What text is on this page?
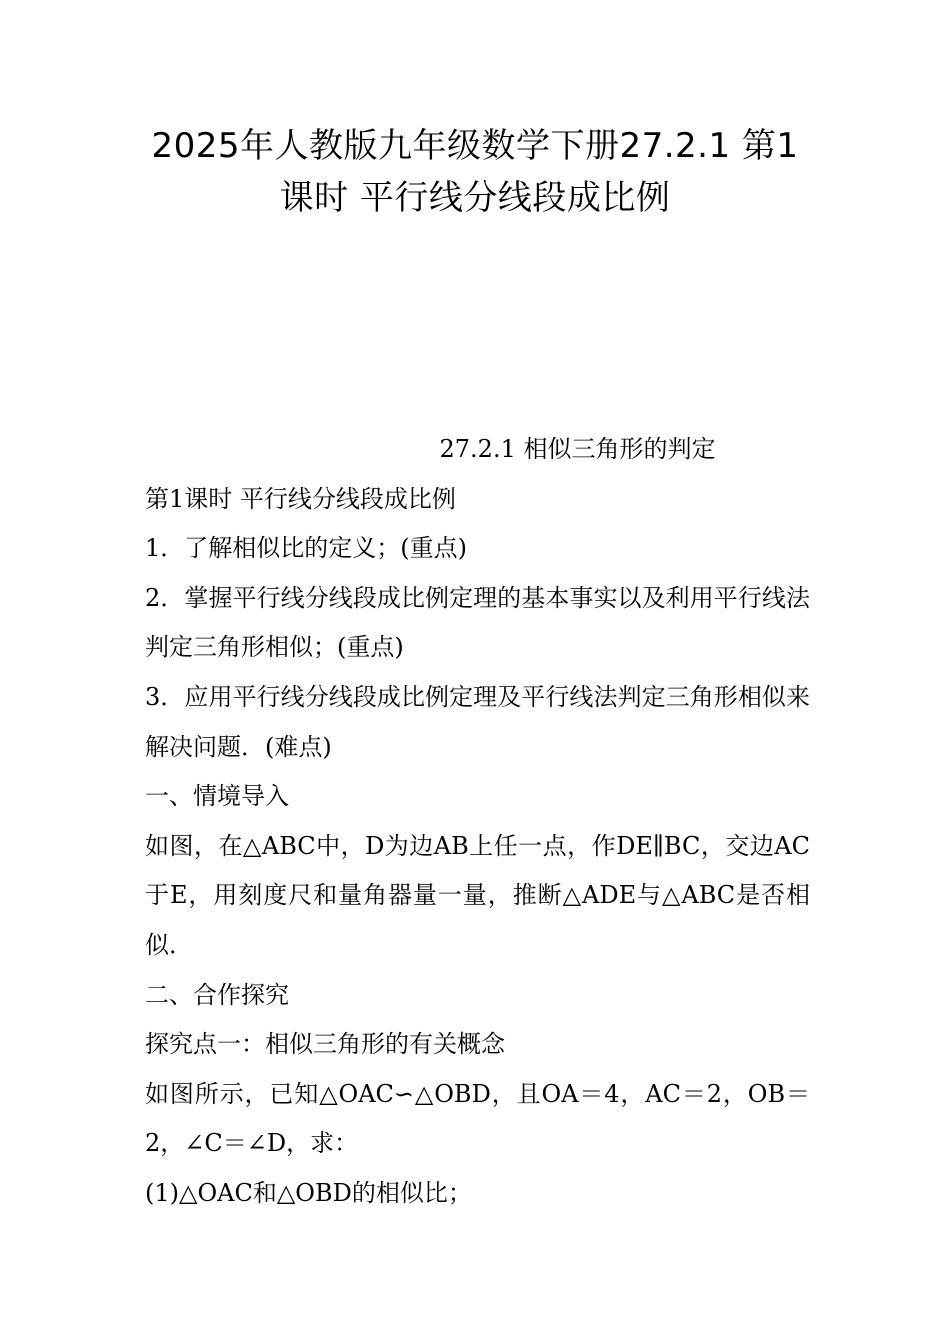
2025年人教版九年级数学下册27.2.1 第1
课时 平行线分线段成比例

27.2.1 相似三角形的判定

第1课时 平行线分线段成比例

1．了解相似比的定义；(重点)

2．掌握平行线分线段成比例定理的基本事实以及利用平行线法判定三角形相似；(重点)

3．应用平行线分线段成比例定理及平行线法判定三角形相似来解决问题．(难点)

一、情境导入

如图，在△ABC中，D为边AB上任一点，作DE∥BC，交边AC于E，用刻度尺和量角器量一量，推断△ADE与△ABC是否相似．

二、合作探究

探究点一：相似三角形的有关概念

如图所示，已知△OAC∽△OBD，且OA＝4，AC＝2，OB＝2，∠C＝∠D，求：

(1)△OAC和△OBD的相似比；
